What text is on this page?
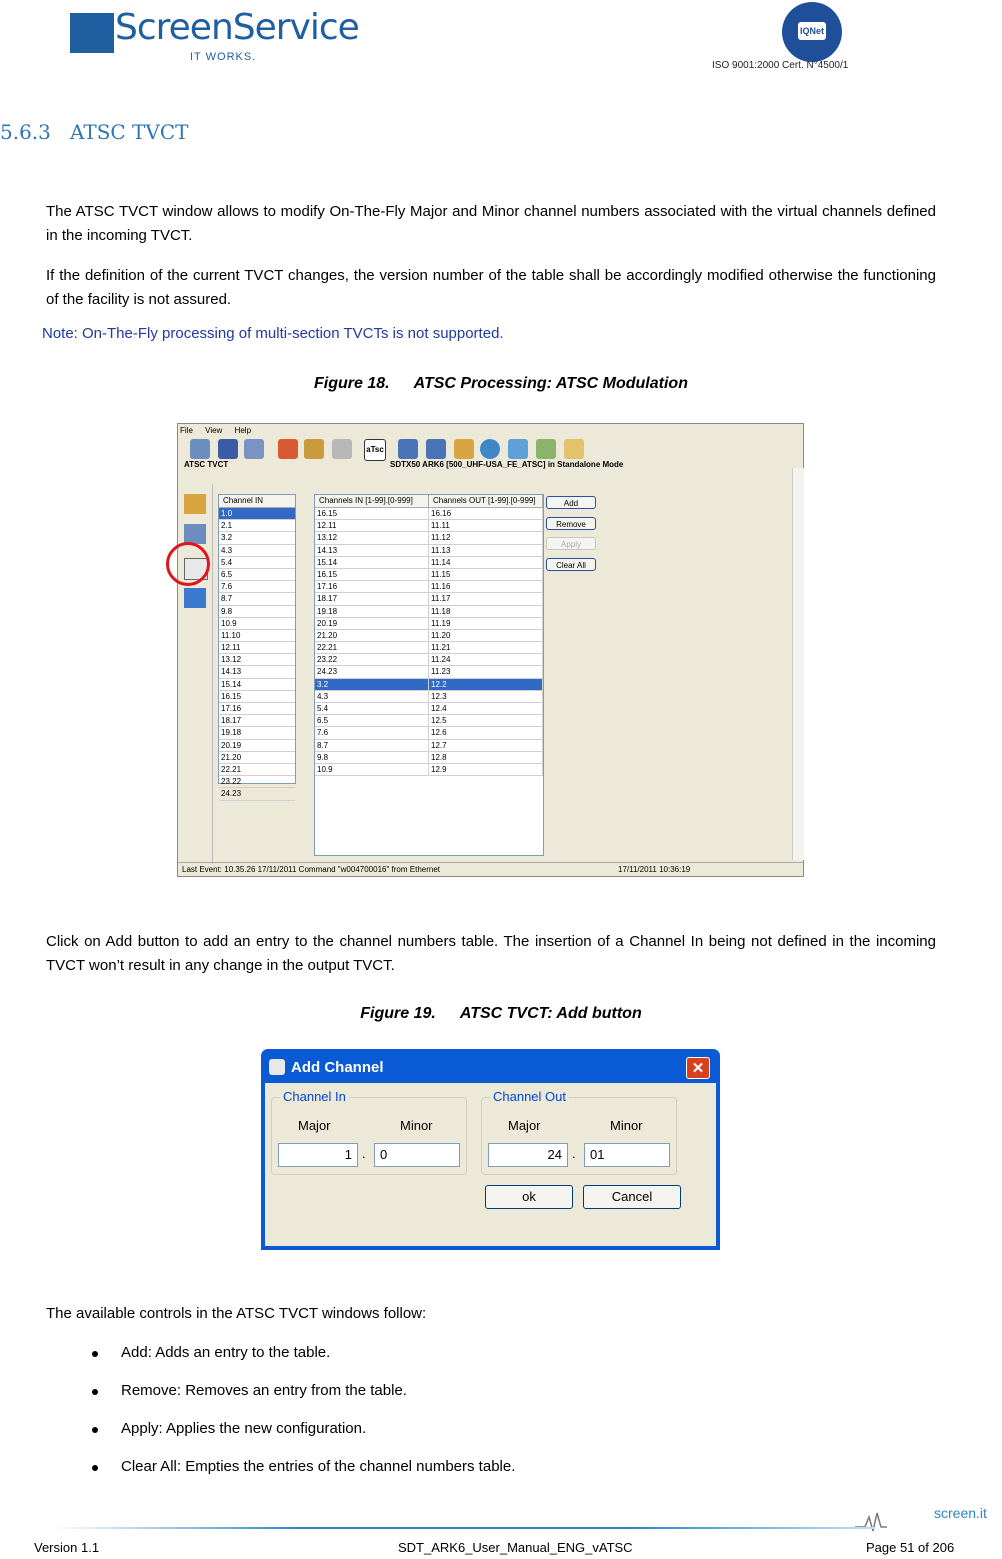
ScreenService
IT WORKS.
IQNet
ISO 9001:2000 Cert. N°4500/1
5.6.3 ATSC TVCT
The ATSC TVCT window allows to modify On-The-Fly Major and Minor channel numbers associated with the virtual channels defined in the incoming TVCT.
If the definition of the current TVCT changes, the version number of the table shall be accordingly modified otherwise the functioning of the facility is not assured.
Note: On-The-Fly processing of multi-section TVCTs is not supported.
Figure 18. ATSC Processing: ATSC Modulation
File View Help
aTsc
ATSC TVCT	SDTX50 ARK6 [500_UHF-USA_FE_ATSC] in Standalone Mode
Channel IN
1.0
2.1
3.2
4.3
5.4
6.5
7.6
8.7
9.8
10.9
11.10
12.11
13.12
14.13
15.14
16.15
17.16
18.17
19.18
20.19
21.20
22.21
23.22
24.23
Channels IN [1-99].[0-999]	Channels OUT [1-99].[0-999]
16.15	16.16
12.11	11.11
13.12	11.12
14.13	11.13
15.14	11.14
16.15	11.15
17.16	11.16
18.17	11.17
19.18	11.18
20.19	11.19
21.20	11.20
22.21	11.21
23.22	11.24
24.23	11.23
3.2	12.2
4.3	12.3
5.4	12.4
6.5	12.5
7.6	12.6
8.7	12.7
9.8	12.8
10.9	12.9
Add
Remove
Apply
Clear All
Last Event: 10.35.26 17/11/2011 Command "w004700016" from Ethernet	17/11/2011 10:36:19
Click on Add button to add an entry to the channel numbers table. The insertion of a Channel In being not defined in the incoming TVCT won’t result in any change in the output TVCT.
Figure 19. ATSC TVCT: Add button
Add Channel	✕
Channel In
Major	Minor
1 .	0
Channel Out
Major	Minor
24 .	01
ok	Cancel
The available controls in the ATSC TVCT windows follow:
Add: Adds an entry to the table.
Remove: Removes an entry from the table.
Apply: Applies the new configuration.
Clear All: Empties the entries of the channel numbers table.
screen.it
Version 1.1	SDT_ARK6_User_Manual_ENG_vATSC	Page 51 of 206
